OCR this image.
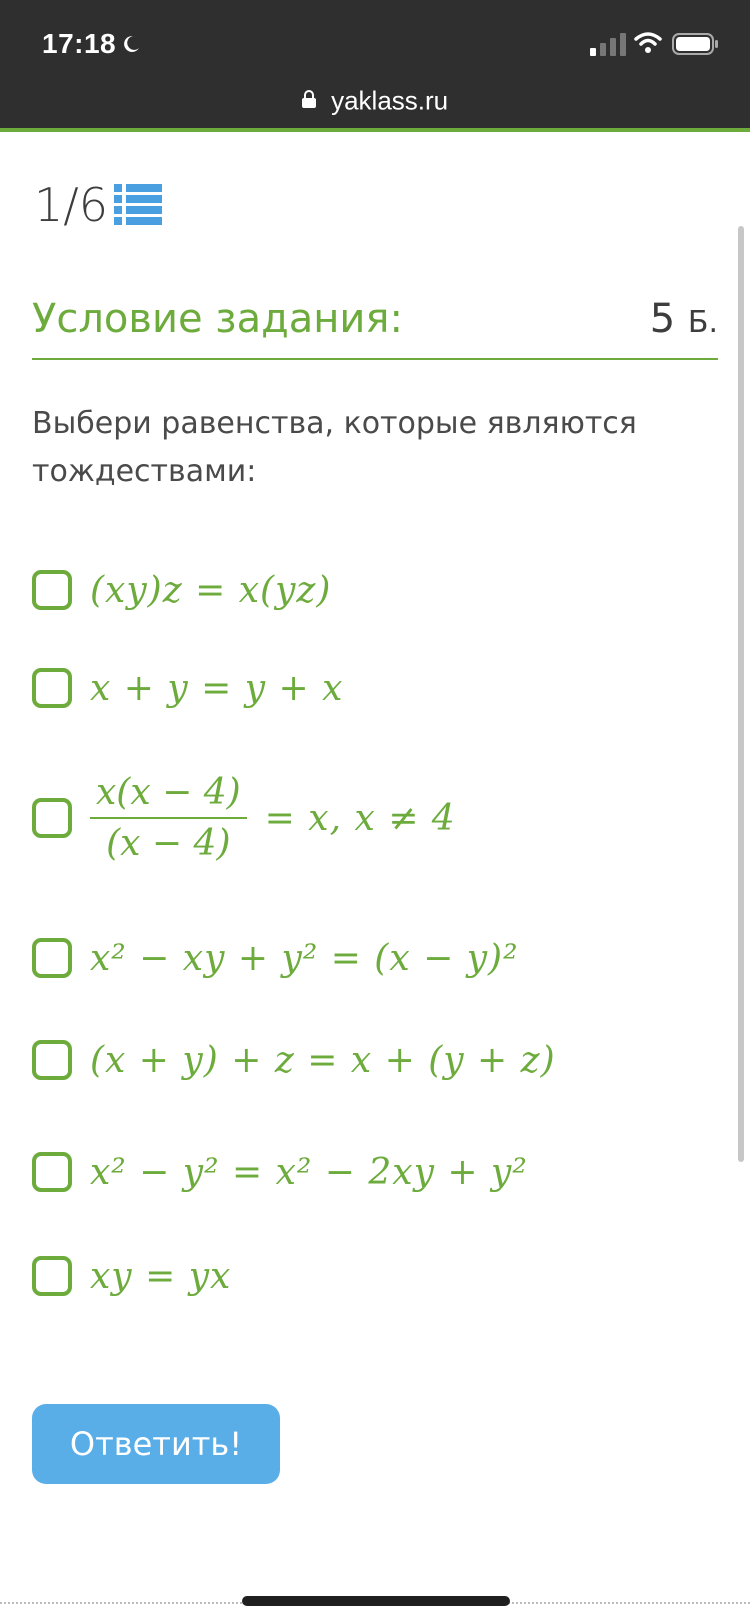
17:18
yaklass.ru
1/6
Условие задания:	5 Б.
Выбери равенства, которые являются тождествами:
(xy)z = x(yz)
x + y = y + x
$\frac{x(x - 4)}{(x - 4)} = x$, x ≠ 4
x² − xy + y² = (x − y)²
(x + y) + z = x + (y + z)
x² − y² = x² − 2xy + y²
xy = yx
Ответить!
